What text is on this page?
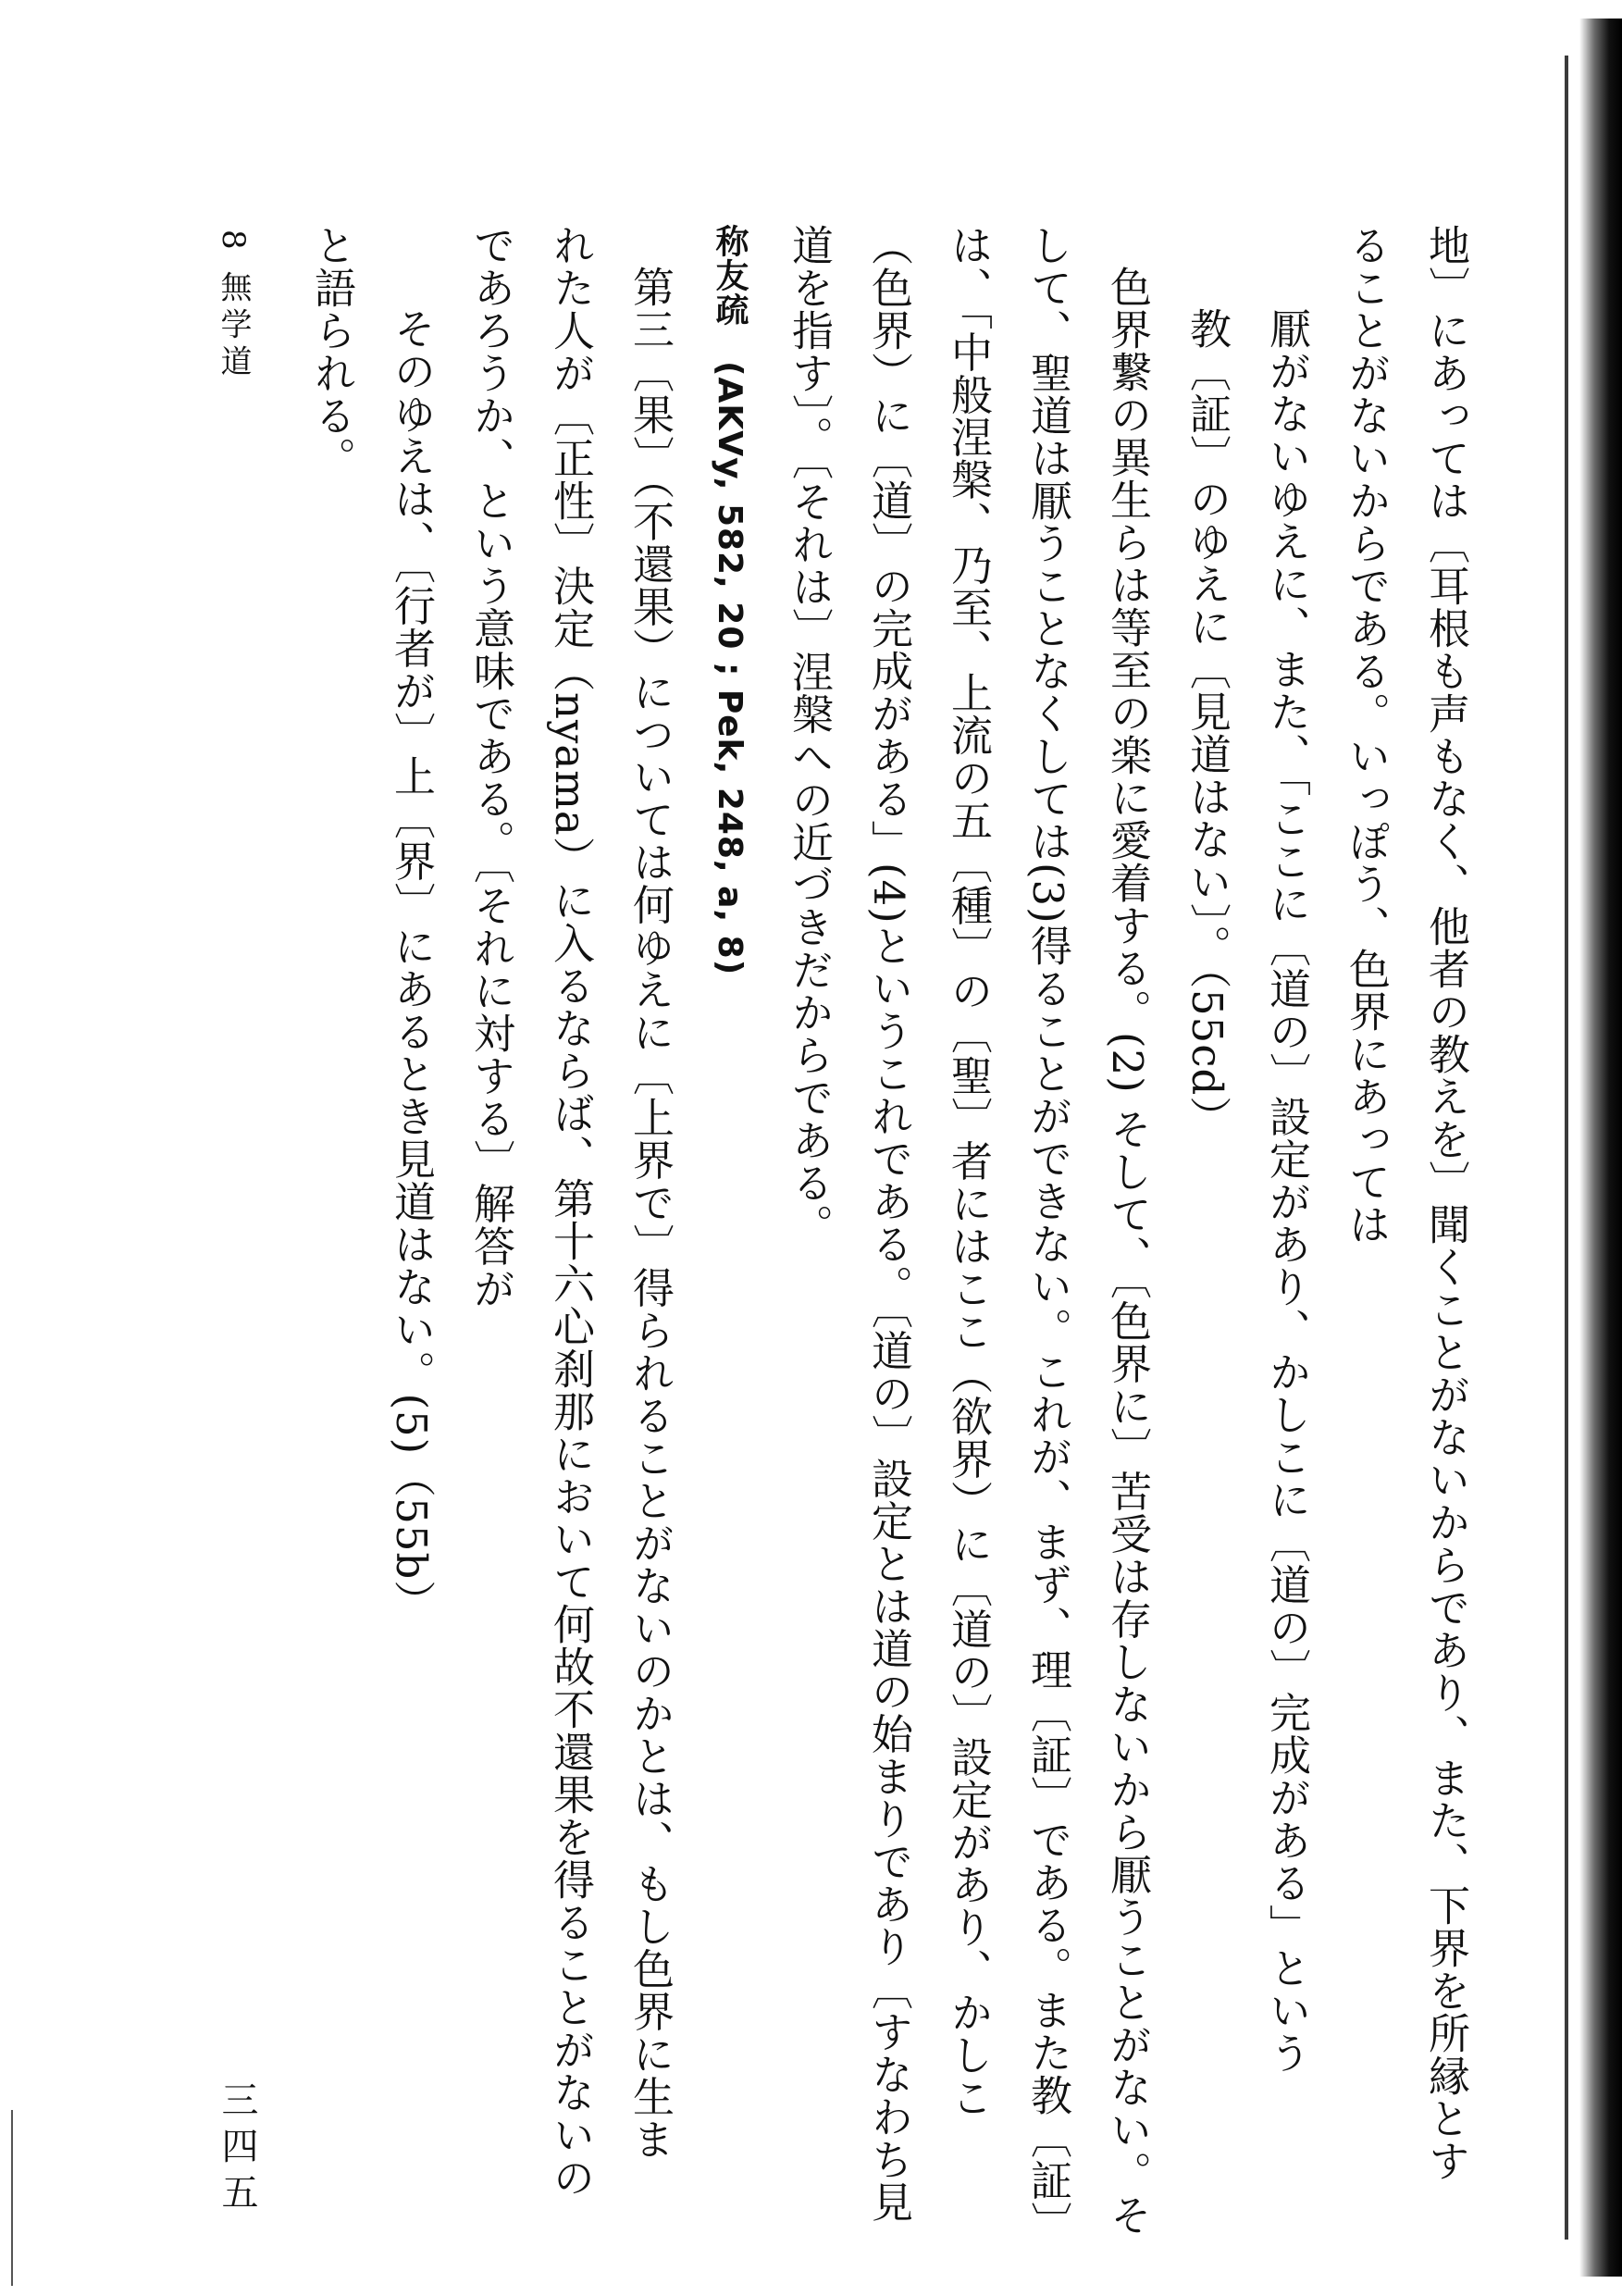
地〕にあっては〔耳根も声もなく、他者の教えを〕聞くことがないからであり、また、下界を所縁とす
ることがないからである。いっぽう、色界にあっては
厭がないゆえに、また、「ここに〔道の〕設定があり、かしこに〔道の〕完成がある」という
教〔証〕のゆえに〔見道はない〕。（55cd）
色界繋の異生らは等至の楽に愛着する。(2) そして、〔色界に〕苦受は存しないから厭うことがない。そ
して、聖道は厭うことなくしては(3)得ることができない。これが、まず、理〔証〕である。また教〔証〕
は、「中般涅槃、乃至、上流の五〔種〕の〔聖〕者にはここ（欲界）に〔道の〕設定があり、かしこ
（色界）に〔道〕の完成がある」(4)というこれである。〔道の〕設定とは道の始まりであり〔すなわち見
道を指す〕。〔それは〕涅槃への近づきだからである。
称友疏　(AKVy, 582, 20 ; Pek, 248, a, 8)
第三〔果〕（不還果）については何ゆえに〔上界で〕得られることがないのかとは、もし色界に生ま
れた人が〔正性〕決定（nyama）に入るならば、第十六心刹那において何故不還果を得ることがないの
であろうか、という意味である。〔それに対する〕解答が
そのゆえは、〔行者が〕上〔界〕にあるとき見道はない。(5)（55b）
と語られる。
三四五
8 無学道
